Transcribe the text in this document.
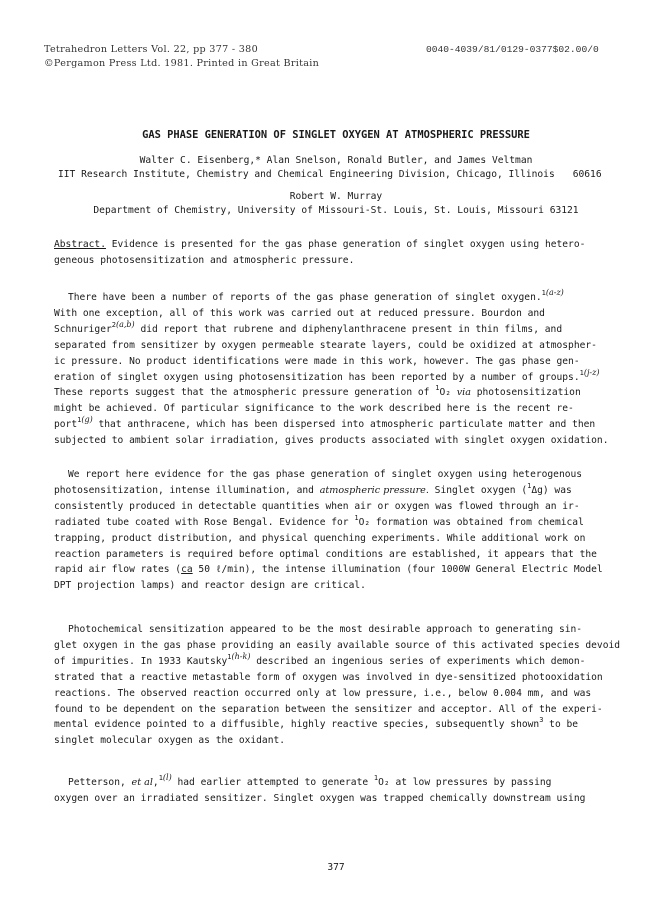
Tetrahedron Letters Vol. 22, pp 377 - 380
©Pergamon Press Ltd. 1981. Printed in Great Britain
0040-4039/81/0129-0377$02.00/0
GAS PHASE GENERATION OF SINGLET OXYGEN AT ATMOSPHERIC PRESSURE
Walter C. Eisenberg,* Alan Snelson, Ronald Butler, and James Veltman
IIT Research Institute, Chemistry and Chemical Engineering Division, Chicago, Illinois 60616
Robert W. Murray
Department of Chemistry, University of Missouri-St. Louis, St. Louis, Missouri 63121

Abstract. Evidence is presented for the gas phase generation of singlet oxygen using hetero-

geneous photosensitization and atmospheric pressure.

There have been a number of reports of the gas phase generation of singlet oxygen.$^{1(a-z)}$

With one exception, all of this work was carried out at reduced pressure. Bourdon and

Schnuriger$^{2(a,b)}$ did report that rubrene and diphenylanthracene present in thin films, and

separated from sensitizer by oxygen permeable stearate layers, could be oxidized at atmospher-

ic pressure. No product identifications were made in this work, however. The gas phase gen-

eration of singlet oxygen using photosensitization has been reported by a number of groups.$^{1(j-z)}$

These reports suggest that the atmospheric pressure generation of $^1$O₂ via photosensitization

might be achieved. Of particular significance to the work described here is the recent re-

port$^{1(g)}$ that anthracene, which has been dispersed into atmospheric particulate matter and then

subjected to ambient solar irradiation, gives products associated with singlet oxygen oxidation.

We report here evidence for the gas phase generation of singlet oxygen using heterogenous

photosensitization, intense illumination, and atmospheric pressure. Singlet oxygen ($^1$Δg) was

consistently produced in detectable quantities when air or oxygen was flowed through an ir-

radiated tube coated with Rose Bengal. Evidence for $^1$O₂ formation was obtained from chemical

trapping, product distribution, and physical quenching experiments. While additional work on

reaction parameters is required before optimal conditions are established, it appears that the

rapid air flow rates (ca 50 ℓ/min), the intense illumination (four 1000W General Electric Model

DPT projection lamps) and reactor design are critical.

Photochemical sensitization appeared to be the most desirable approach to generating sin-

glet oxygen in the gas phase providing an easily available source of this activated species devoid

of impurities. In 1933 Kautsky$^{1(h-k)}$ described an ingenious series of experiments which demon-

strated that a reactive metastable form of oxygen was involved in dye-sensitized photooxidation

reactions. The observed reaction occurred only at low pressure, i.e., below 0.004 mm, and was

found to be dependent on the separation between the sensitizer and acceptor. All of the experi-

mental evidence pointed to a diffusible, highly reactive species, subsequently shown$^3$ to be

singlet molecular oxygen as the oxidant.

Petterson, et al,$^{1(l)}$ had earlier attempted to generate $^1$O₂ at low pressures by passing

oxygen over an irradiated sensitizer. Singlet oxygen was trapped chemically downstream using

377
